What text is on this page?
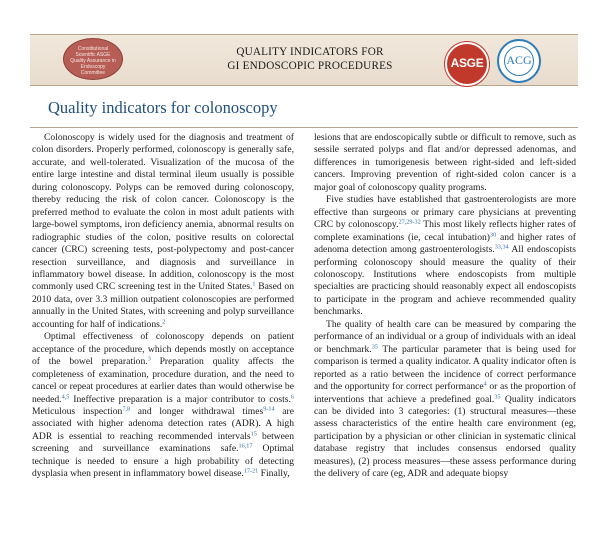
Constitutional Scientific ASGE Quality Assurance in Endoscopy Committee
QUALITY INDICATORS FOR
GI ENDOSCOPIC PROCEDURES	ASGE ACG
Quality indicators for colonoscopy

Colonoscopy is widely used for the diagnosis and treatment of colon disorders. Properly performed, colonoscopy is generally safe, accurate, and well-tolerated. Visualization of the mucosa of the entire large intestine and distal terminal ileum usually is possible during colonoscopy. Polyps can be removed during colonoscopy, thereby reducing the risk of colon cancer. Colonoscopy is the preferred method to evaluate the colon in most adult patients with large-bowel symptoms, iron deficiency anemia, abnormal results on radiographic studies of the colon, positive results on colorectal cancer (CRC) screening tests, post-polypectomy and post-cancer resection surveillance, and diagnosis and surveillance in inflammatory bowel disease. In addition, colonoscopy is the most commonly used CRC screening test in the United States.$^1$ Based on 2010 data, over 3.3 million outpatient colonoscopies are performed annually in the United States, with screening and polyp surveillance accounting for half of indications.$^2$

Optimal effectiveness of colonoscopy depends on patient acceptance of the procedure, which depends mostly on acceptance of the bowel preparation.$^3$ Preparation quality affects the completeness of examination, procedure duration, and the need to cancel or repeat procedures at earlier dates than would otherwise be needed.$^{4,5}$ Ineffective preparation is a major contributor to costs.$^6$ Meticulous inspection$^{7,8}$ and longer withdrawal times$^{9-14}$ are associated with higher adenoma detection rates (ADR). A high ADR is essential to reaching recommended intervals$^{15}$ between screening and surveillance examinations safe.$^{16,17}$ Optimal technique is needed to ensure a high probability of detecting dysplasia when present in inflammatory bowel disease.$^{17-21}$ Finally,

lesions that are endoscopically subtle or difficult to remove, such as sessile serrated polyps and flat and/or depressed adenomas, and differences in tumorigenesis between right-sided and left-sided cancers. Improving prevention of right-sided colon cancer is a major goal of colonoscopy quality programs.

Five studies have established that gastroenterologists are more effective than surgeons or primary care physicians at preventing CRC by colonoscopy.$^{27,29-32}$ This most likely reflects higher rates of complete examinations (ie, cecal intubation)$^{30}$ and higher rates of adenoma detection among gastroenterologists.$^{33,34}$ All endoscopists performing colonoscopy should measure the quality of their colonoscopy. Institutions where endoscopists from multiple specialties are practicing should reasonably expect all endoscopists to participate in the program and achieve recommended quality benchmarks.

The quality of health care can be measured by comparing the performance of an individual or a group of individuals with an ideal or benchmark.$^{35}$ The particular parameter that is being used for comparison is termed a quality indicator. A quality indicator often is reported as a ratio between the incidence of correct performance and the opportunity for correct performance$^4$ or as the proportion of interventions that achieve a predefined goal.$^{35}$ Quality indicators can be divided into 3 categories: (1) structural measures—these assess characteristics of the entire health care environment (eg, participation by a physician or other clinician in systematic clinical database registry that includes consensus endorsed quality measures), (2) process measures—these assess performance during the delivery of care (eg, ADR and adequate biopsy
